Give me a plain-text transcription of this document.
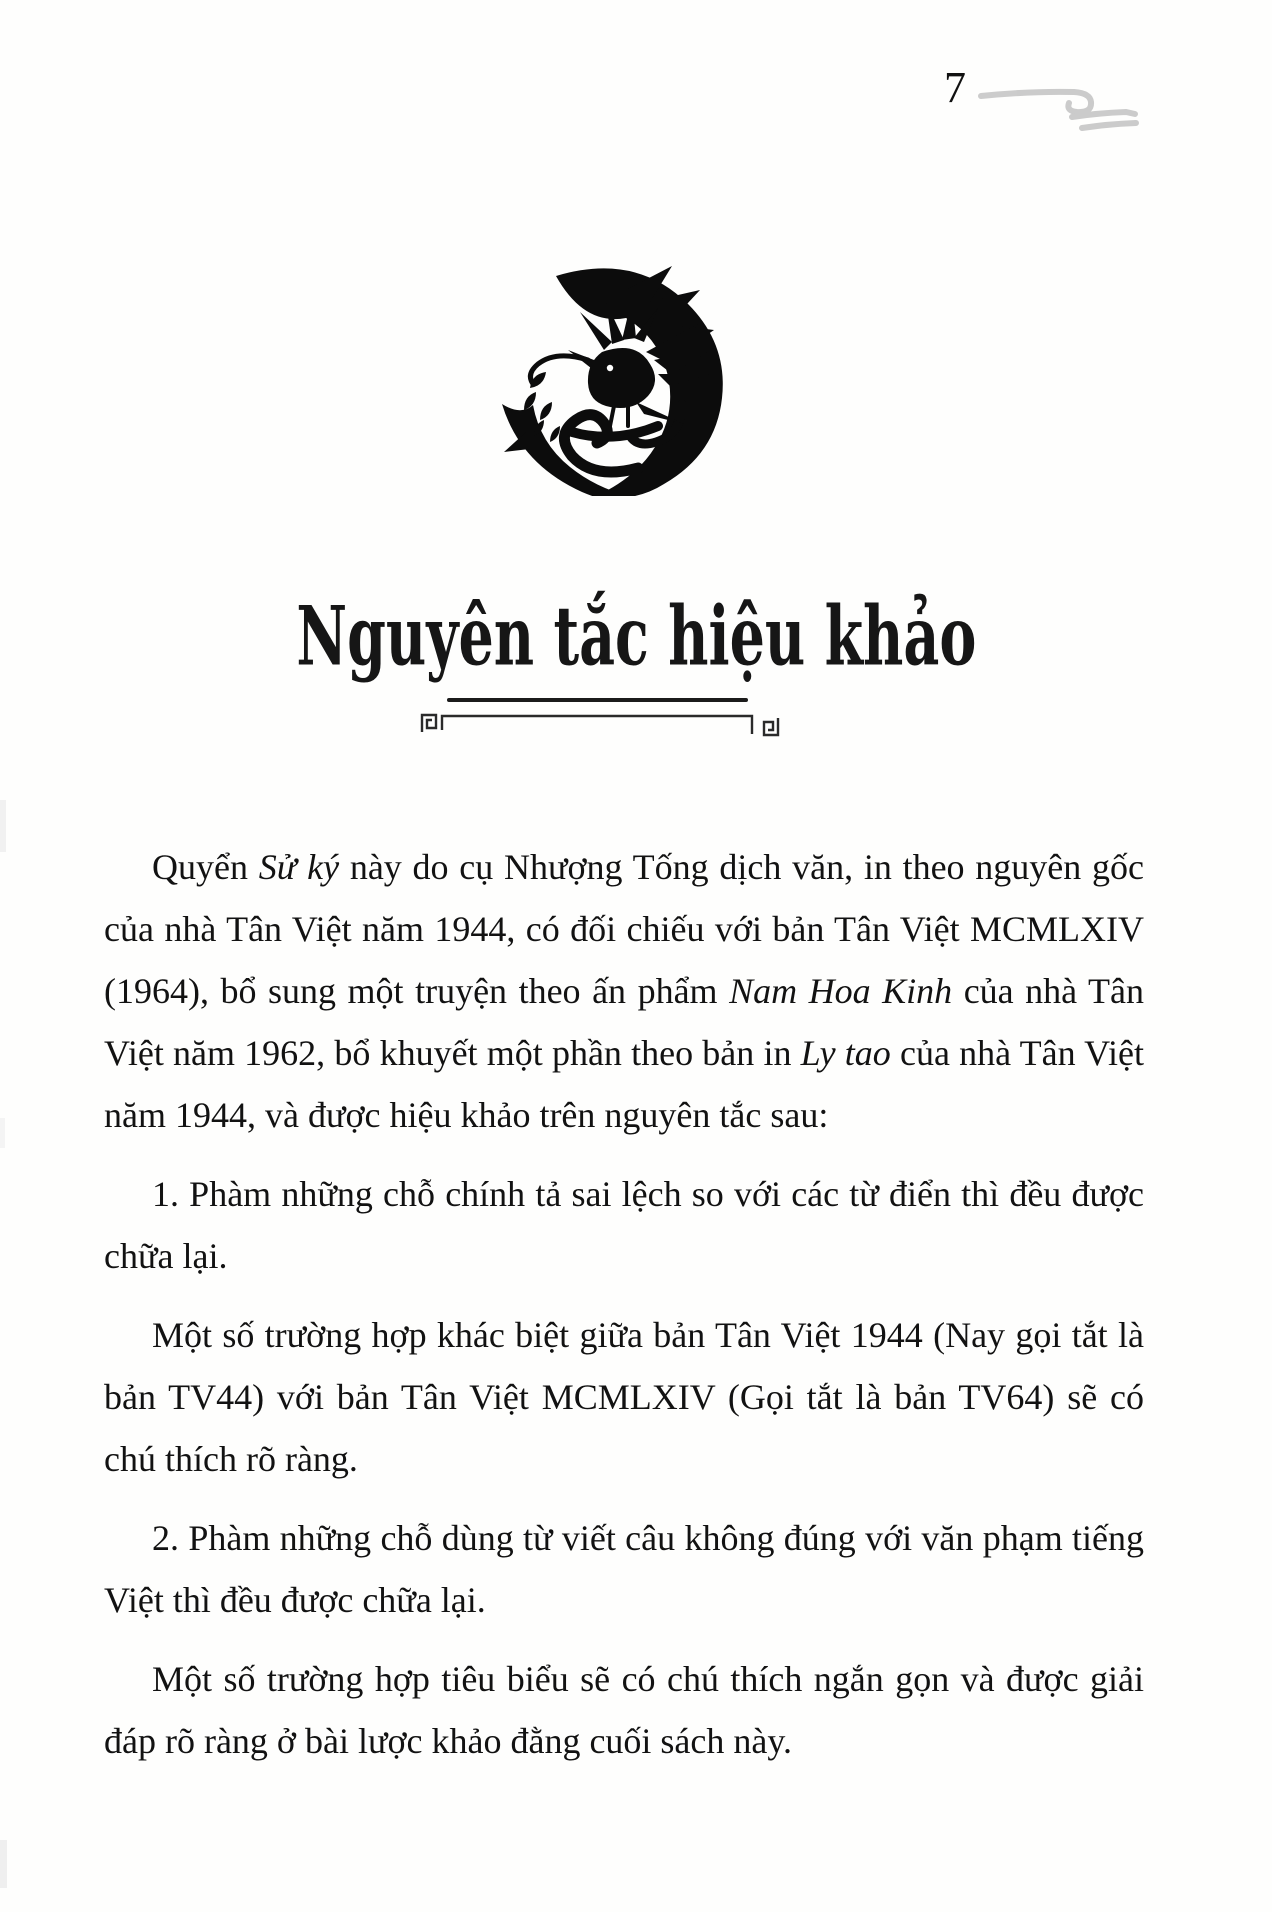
7
Nguyên tắc hiệu khảo

Quyển Sử ký này do cụ Nhượng Tống dịch văn, in theo nguyên gốc của nhà Tân Việt năm 1944, có đối chiếu với bản Tân Việt MCMLXIV (1964), bổ sung một truyện theo ấn phẩm Nam Hoa Kinh của nhà Tân Việt năm 1962, bổ khuyết một phần theo bản in Ly tao của nhà Tân Việt năm 1944, và được hiệu khảo trên nguyên tắc sau:

1. Phàm những chỗ chính tả sai lệch so với các từ điển thì đều được chữa lại.

Một số trường hợp khác biệt giữa bản Tân Việt 1944 (Nay gọi tắt là bản TV44) với bản Tân Việt MCMLXIV (Gọi tắt là bản TV64) sẽ có chú thích rõ ràng.

2. Phàm những chỗ dùng từ viết câu không đúng với văn phạm tiếng Việt thì đều được chữa lại.

Một số trường hợp tiêu biểu sẽ có chú thích ngắn gọn và được giải đáp rõ ràng ở bài lược khảo đằng cuối sách này.
